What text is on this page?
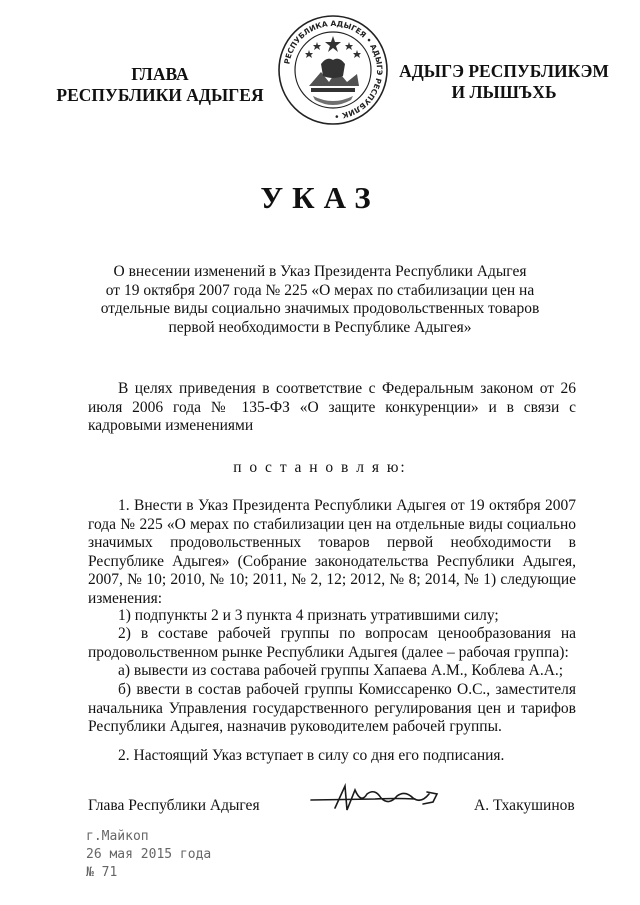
ГЛАВА
РЕСПУБЛИКИ АДЫГЕЯ
РЕСПУБЛИКА АДЫГЕЯ • АДЫГЭ РЕСПУБЛИК •
АДЫГЭ РЕСПУБЛИКЭМ
И ЛЫШЪХЬ
УКАЗ
О внесении изменений в Указ Президента Республики Адыгея
от 19 октября 2007 года № 225 «О мерах по стабилизации цен на
отдельные виды социально значимых продовольственных товаров
первой необходимости в Республике Адыгея»
В целях приведения в соответствие с Федеральным законом от 26 июля 2006 года № 135-ФЗ «О защите конкуренции» и в связи с кадровыми изменениями
п о с т а н о в л я ю:
1. Внести в Указ Президента Республики Адыгея от 19 октября 2007 года № 225 «О мерах по стабилизации цен на отдельные виды социально значимых продовольственных товаров первой необходимости в Республике Адыгея» (Собрание законодательства Республики Адыгея, 2007, № 10; 2010, № 10; 2011, № 2, 12; 2012, № 8; 2014, № 1) следующие изменения:
1) подпункты 2 и 3 пункта 4 признать утратившими силу;
2) в составе рабочей группы по вопросам ценообразования на продовольственном рынке Республики Адыгея (далее – рабочая группа):
а) вывести из состава рабочей группы Хапаева А.М., Коблева А.А.;
б) ввести в состав рабочей группы Комиссаренко О.С., заместителя начальника Управления государственного регулирования цен и тарифов Республики Адыгея, назначив руководителем рабочей группы.
2. Настоящий Указ вступает в силу со дня его подписания.
Глава Республики Адыгея	А. Тхакушинов
г.Майкоп
26 мая 2015 года
№ 71
